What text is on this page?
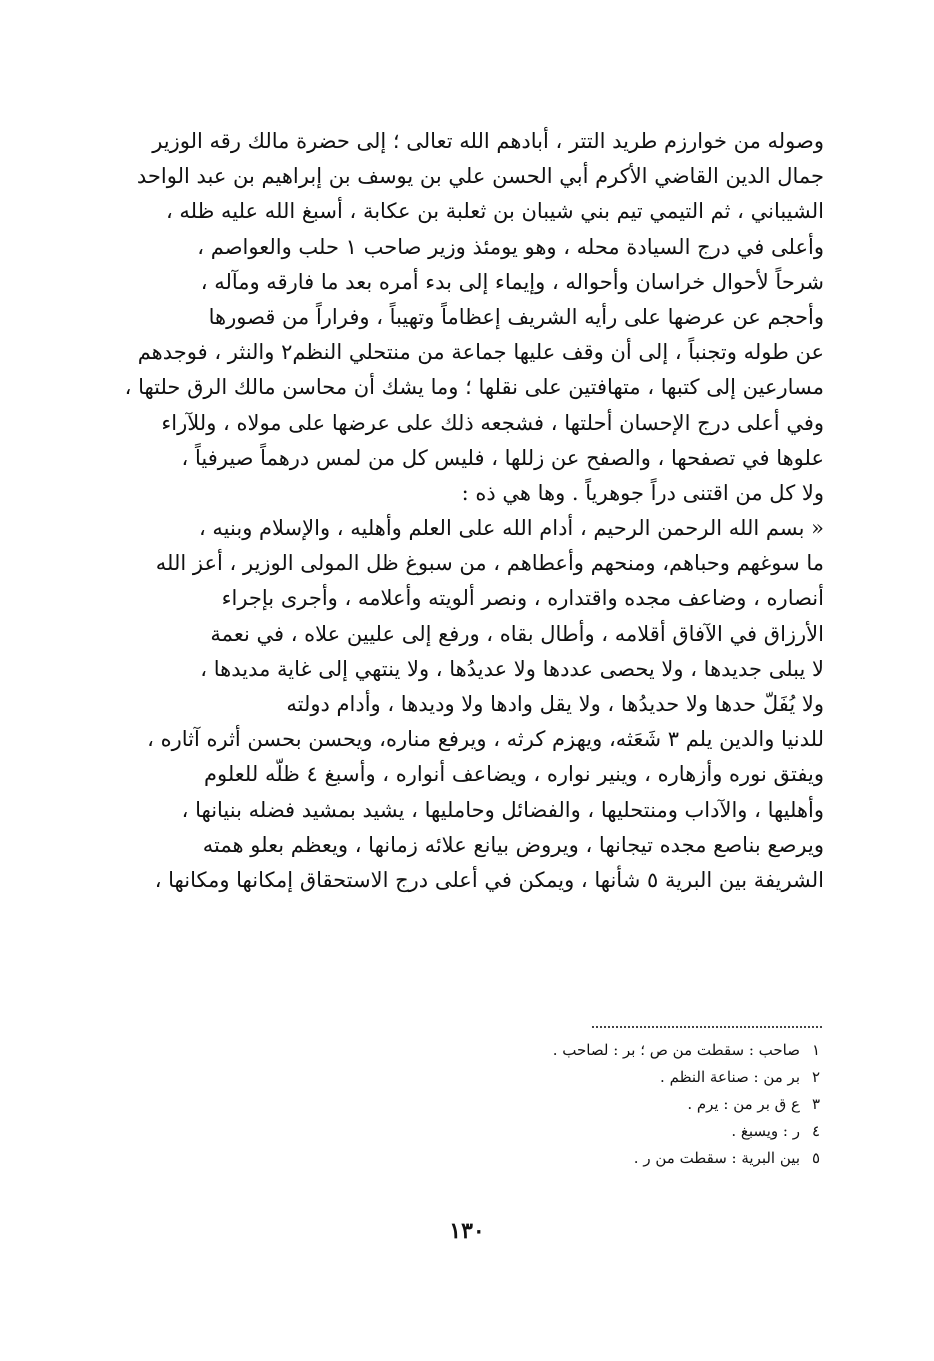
وصوله من خوارزم طريد التتر ، أبادهم الله تعالى ؛ إلى حضرة مالك رقه الوزير
جمال الدين القاضي الأكرم أبي الحسن علي بن يوسف بن إبراهيم بن عبد الواحد
الشيباني ، ثم التيمي تيم بني شيبان بن ثعلبة بن عكابة ، أسبغ الله عليه ظله ،
وأعلى في درج السيادة محله ، وهو يومئذ وزير صاحب ١ حلب والعواصم ،
شرحاً لأحوال خراسان وأحواله ، وإيماء إلى بدء أمره بعد ما فارقه ومآله ،
وأحجم عن عرضها على رأيه الشريف إعظاماً وتهيباً ، وفراراً من قصورها
عن طوله وتجنباً ، إلى أن وقف عليها جماعة من منتحلي النظم٢ والنثر ، فوجدهم
مسارعين إلى كتبها ، متهافتين على نقلها ؛ وما يشك أن محاسن مالك الرق حلتها ،
وفي أعلى درج الإحسان أحلتها ، فشجعه ذلك على عرضها على مولاه ، وللآراء
علوها في تصفحها ، والصفح عن زللها ، فليس كل من لمس درهماً صيرفياً ،
ولا كل من اقتنى دراً جوهرياً . وها هي ذه :
« بسم الله الرحمن الرحيم ، أدام الله على العلم وأهليه ، والإسلام وبنيه ،
ما سوغهم وحباهم، ومنحهم وأعطاهم ، من سبوغ ظل المولى الوزير ، أعز الله
أنصاره ، وضاعف مجده واقتداره ، ونصر ألويته وأعلامه ، وأجرى بإجراء
الأرزاق في الآفاق أقلامه ، وأطال بقاه ، ورفع إلى عليين علاه ، في نعمة
لا يبلى جديدها ، ولا يحصى عددها ولا عديدُها ، ولا ينتهي إلى غاية مديدها ،
ولا يُفَلّ حدها ولا حديدُها ، ولا يقل وادها ولا وديدها ، وأدام دولته
للدنيا والدين يلم ٣ شَعَثه، ويهزم كرثه ، ويرفع مناره، ويحسن بحسن أثره آثاره ،
ويفتق نوره وأزهاره ، وينير نواره ، ويضاعف أنواره ، وأسبغ ٤ ظلّه للعلوم
وأهليها ، والآداب ومنتحليها ، والفضائل وحامليها ، يشيد بمشيد فضله بنيانها ،
ويرصع بناصع مجده تيجانها ، ويروض بيانع علائه زمانها ، ويعظم بعلو همته
الشريفة بين البرية ٥ شأنها ، ويمكن في أعلى درج الاستحقاق إمكانها ومكانها ،
١صاحب : سقطت من ص ؛ بر : لصاحب .
٢بر من : صناعة النظم .
٣ع ق بر من : يرم .
٤ر : ويسبغ .
٥بين البرية : سقطت من ر .
١٣٠
